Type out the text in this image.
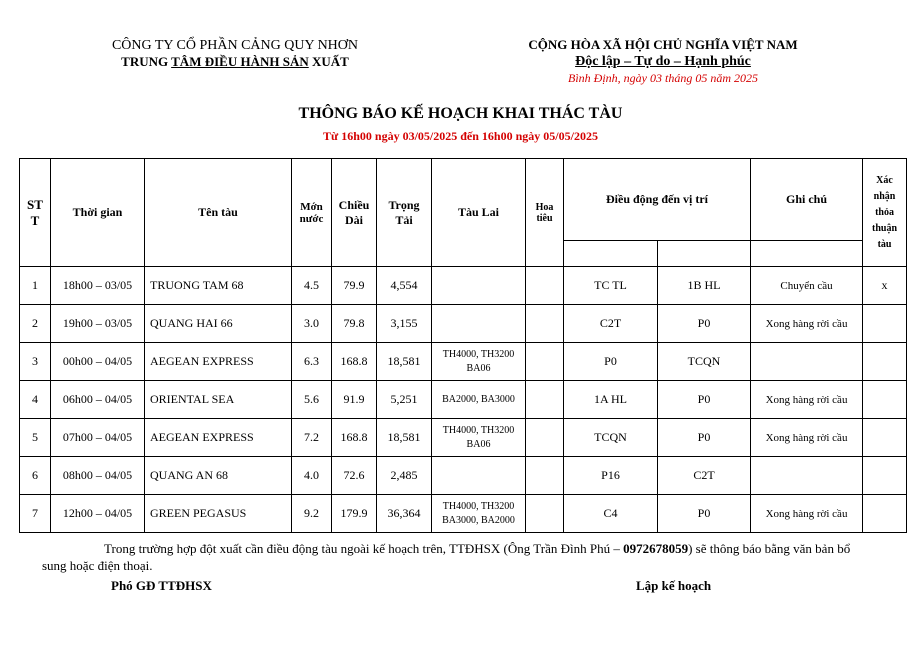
CÔNG TY CỔ PHẦN CẢNG QUY NHƠN
TRUNG TÂM ĐIỀU HÀNH SẢN XUẤT
CỘNG HÒA XÃ HỘI CHỦ NGHĨA VIỆT NAM
Độc lập – Tự do – Hạnh phúc
Bình Định, ngày 03 tháng 05 năm 2025
THÔNG BÁO KẾ HOẠCH KHAI THÁC TÀU
Từ 16h00 ngày 03/05/2025 đến 16h00 ngày 05/05/2025
ST T	Thời gian	Tên tàu	Mớn nước	Chiều Dài	Trọng Tải	Tàu Lai	Hoa tiêu	Điều động đến vị trí		Ghi chú	Xác nhận thỏa thuận tàu

1	18h00 – 03/05	TRUONG TAM 68	4.5	79.9	4,554			TC TL	1B HL	Chuyển cầu	x
2	19h00 – 03/05	QUANG HAI 66	3.0	79.8	3,155			C2T	P0	Xong hàng rời cầu	
3	00h00 – 04/05	AEGEAN EXPRESS	6.3	168.8	18,581	TH4000, TH3200 BA06		P0	TCQN		
4	06h00 – 04/05	ORIENTAL SEA	5.6	91.9	5,251	BA2000, BA3000		1A HL	P0	Xong hàng rời cầu	
5	07h00 – 04/05	AEGEAN EXPRESS	7.2	168.8	18,581	TH4000, TH3200 BA06		TCQN	P0	Xong hàng rời cầu	
6	08h00 – 04/05	QUANG AN 68	4.0	72.6	2,485			P16	C2T		
7	12h00 – 04/05	GREEN PEGASUS	9.2	179.9	36,364	TH4000, TH3200 BA3000, BA2000		C4	P0	Xong hàng rời cầu	
Trong trường hợp đột xuất cần điều động tàu ngoài kế hoạch trên, TTĐHSX (Ông Trần Đình Phú – 0972678059) sẽ thông báo bằng văn bản bổ sung hoặc điện thoại.
Phó GĐ TTĐHSX	Lập kế hoạch
